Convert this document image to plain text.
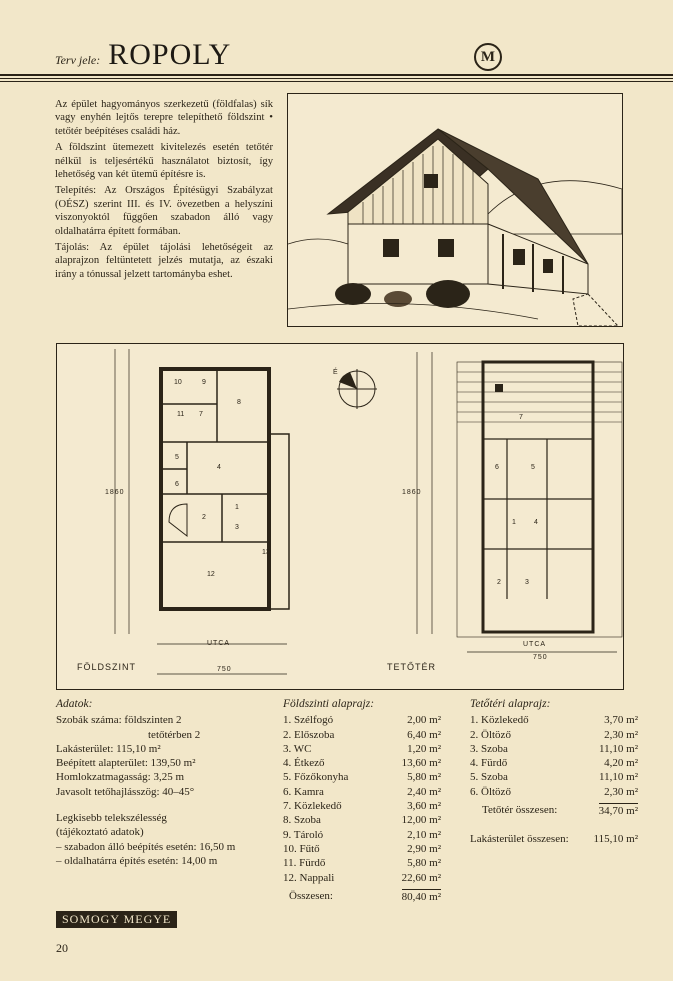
Terv jele: ROPOLY	M

Az épület hagyományos szerkezetű (földfalas) sík vagy enyhén lejtős terepre telepíthető földszint • tetőtér beépítéses családi ház.

A földszint ütemezett kivitelezés esetén tetőtér nélkül is teljesértékű használatot biztosít, így lehetőség van két ütemű építésre is.

Telepítés: Az Országos Építésügyi Szabályzat (OÉSZ) szerint III. és IV. övezetben a helyszíni viszonyoktól függően szabadon álló vagy oldalhatárra épített formában.

Tájolás: Az épület tájolási lehetőségeit az alaprajzon feltüntetett jelzés mutatja, az északi irány a tónussal jelzett tartományba eshet.

10	9
8
11 7
5
6
4
2
1
3
13
12
É
7
6	5
1	4
2	3
FÖLDSZINT	TETŐTÉR
UTCA	UTCA
750
750
1860	1860
Adatok:
Szobák száma: földszinten 2
tetőtérben 2
Lakásterület: 115,10 m²
Beépített alapterület: 139,50 m²
Homlokzatmagasság: 3,25 m
Javasolt tetőhajlásszög: 40–45°
Legkisebb telekszélesség
(tájékoztató adatok)
– szabadon álló beépítés esetén: 16,50 m
– oldalhatárra építés esetén: 14,00 m
Földszinti alaprajz:
1. Szélfogó	2,00 m²
2. Előszoba	6,40 m²
3. WC	1,20 m²
4. Étkező	13,60 m²
5. Főzőkonyha	5,80 m²
6. Kamra	2,40 m²
7. Közlekedő	3,60 m²
8. Szoba	12,00 m²
9. Tároló	2,10 m²
10. Fűtő	2,90 m²
11. Fürdő	5,80 m²
12. Nappali	22,60 m²
Összesen:	80,40 m²
Tetőtéri alaprajz:
1. Közlekedő	3,70 m²
2. Öltöző	2,30 m²
3. Szoba	11,10 m²
4. Fürdő	4,20 m²
5. Szoba	11,10 m²
6. Öltöző	2,30 m²
Tetőtér összesen:	34,70 m²
Lakásterület összesen: 115,10 m²
SOMOGY MEGYE
20
